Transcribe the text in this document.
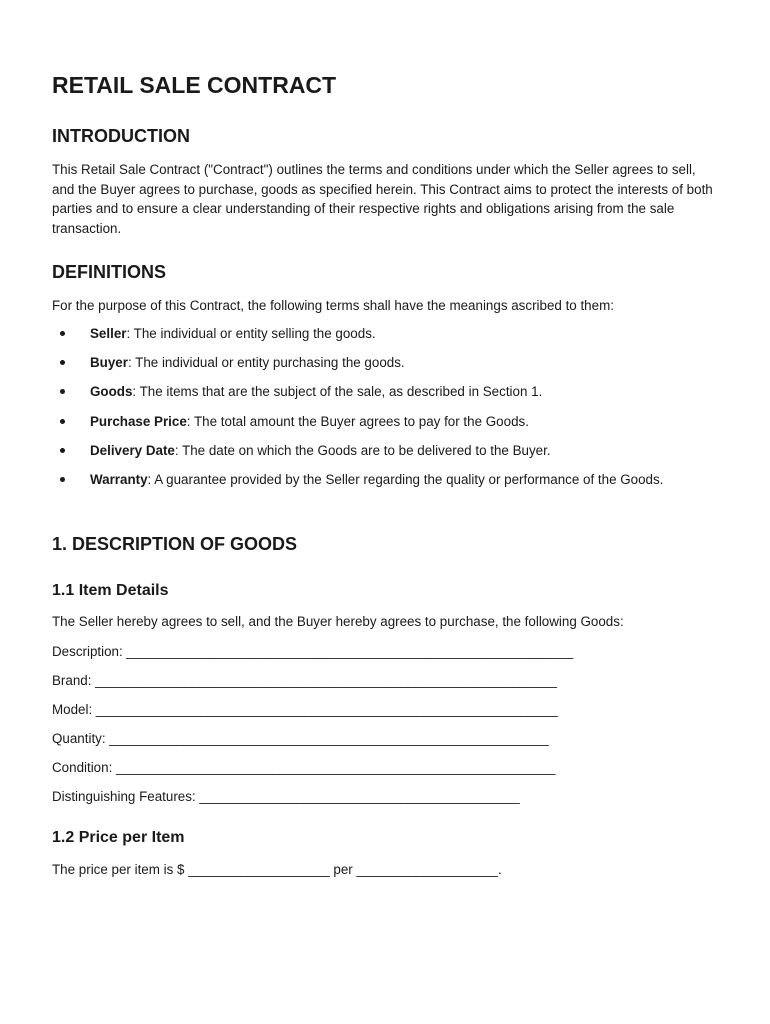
RETAIL SALE CONTRACT
INTRODUCTION

This Retail Sale Contract ("Contract") outlines the terms and conditions under which the Seller agrees to sell, and the Buyer agrees to purchase, goods as specified herein. This Contract aims to protect the interests of both parties and to ensure a clear understanding of their respective rights and obligations arising from the sale transaction.

DEFINITIONS

For the purpose of this Contract, the following terms shall have the meanings ascribed to them:

Seller: The individual or entity selling the goods.
Buyer: The individual or entity purchasing the goods.
Goods: The items that are the subject of the sale, as described in Section 1.
Purchase Price: The total amount the Buyer agrees to pay for the Goods.
Delivery Date: The date on which the Goods are to be delivered to the Buyer.
Warranty: A guarantee provided by the Seller regarding the quality or performance of the Goods.
1. DESCRIPTION OF GOODS
1.1 Item Details

The Seller hereby agrees to sell, and the Buyer hereby agrees to purchase, the following Goods:

Description: ____________________________________________________________

Brand: ______________________________________________________________

Model: ______________________________________________________________

Quantity: ___________________________________________________________

Condition: ___________________________________________________________

Distinguishing Features: ___________________________________________

1.2 Price per Item

The price per item is $ ___________________ per ___________________.
